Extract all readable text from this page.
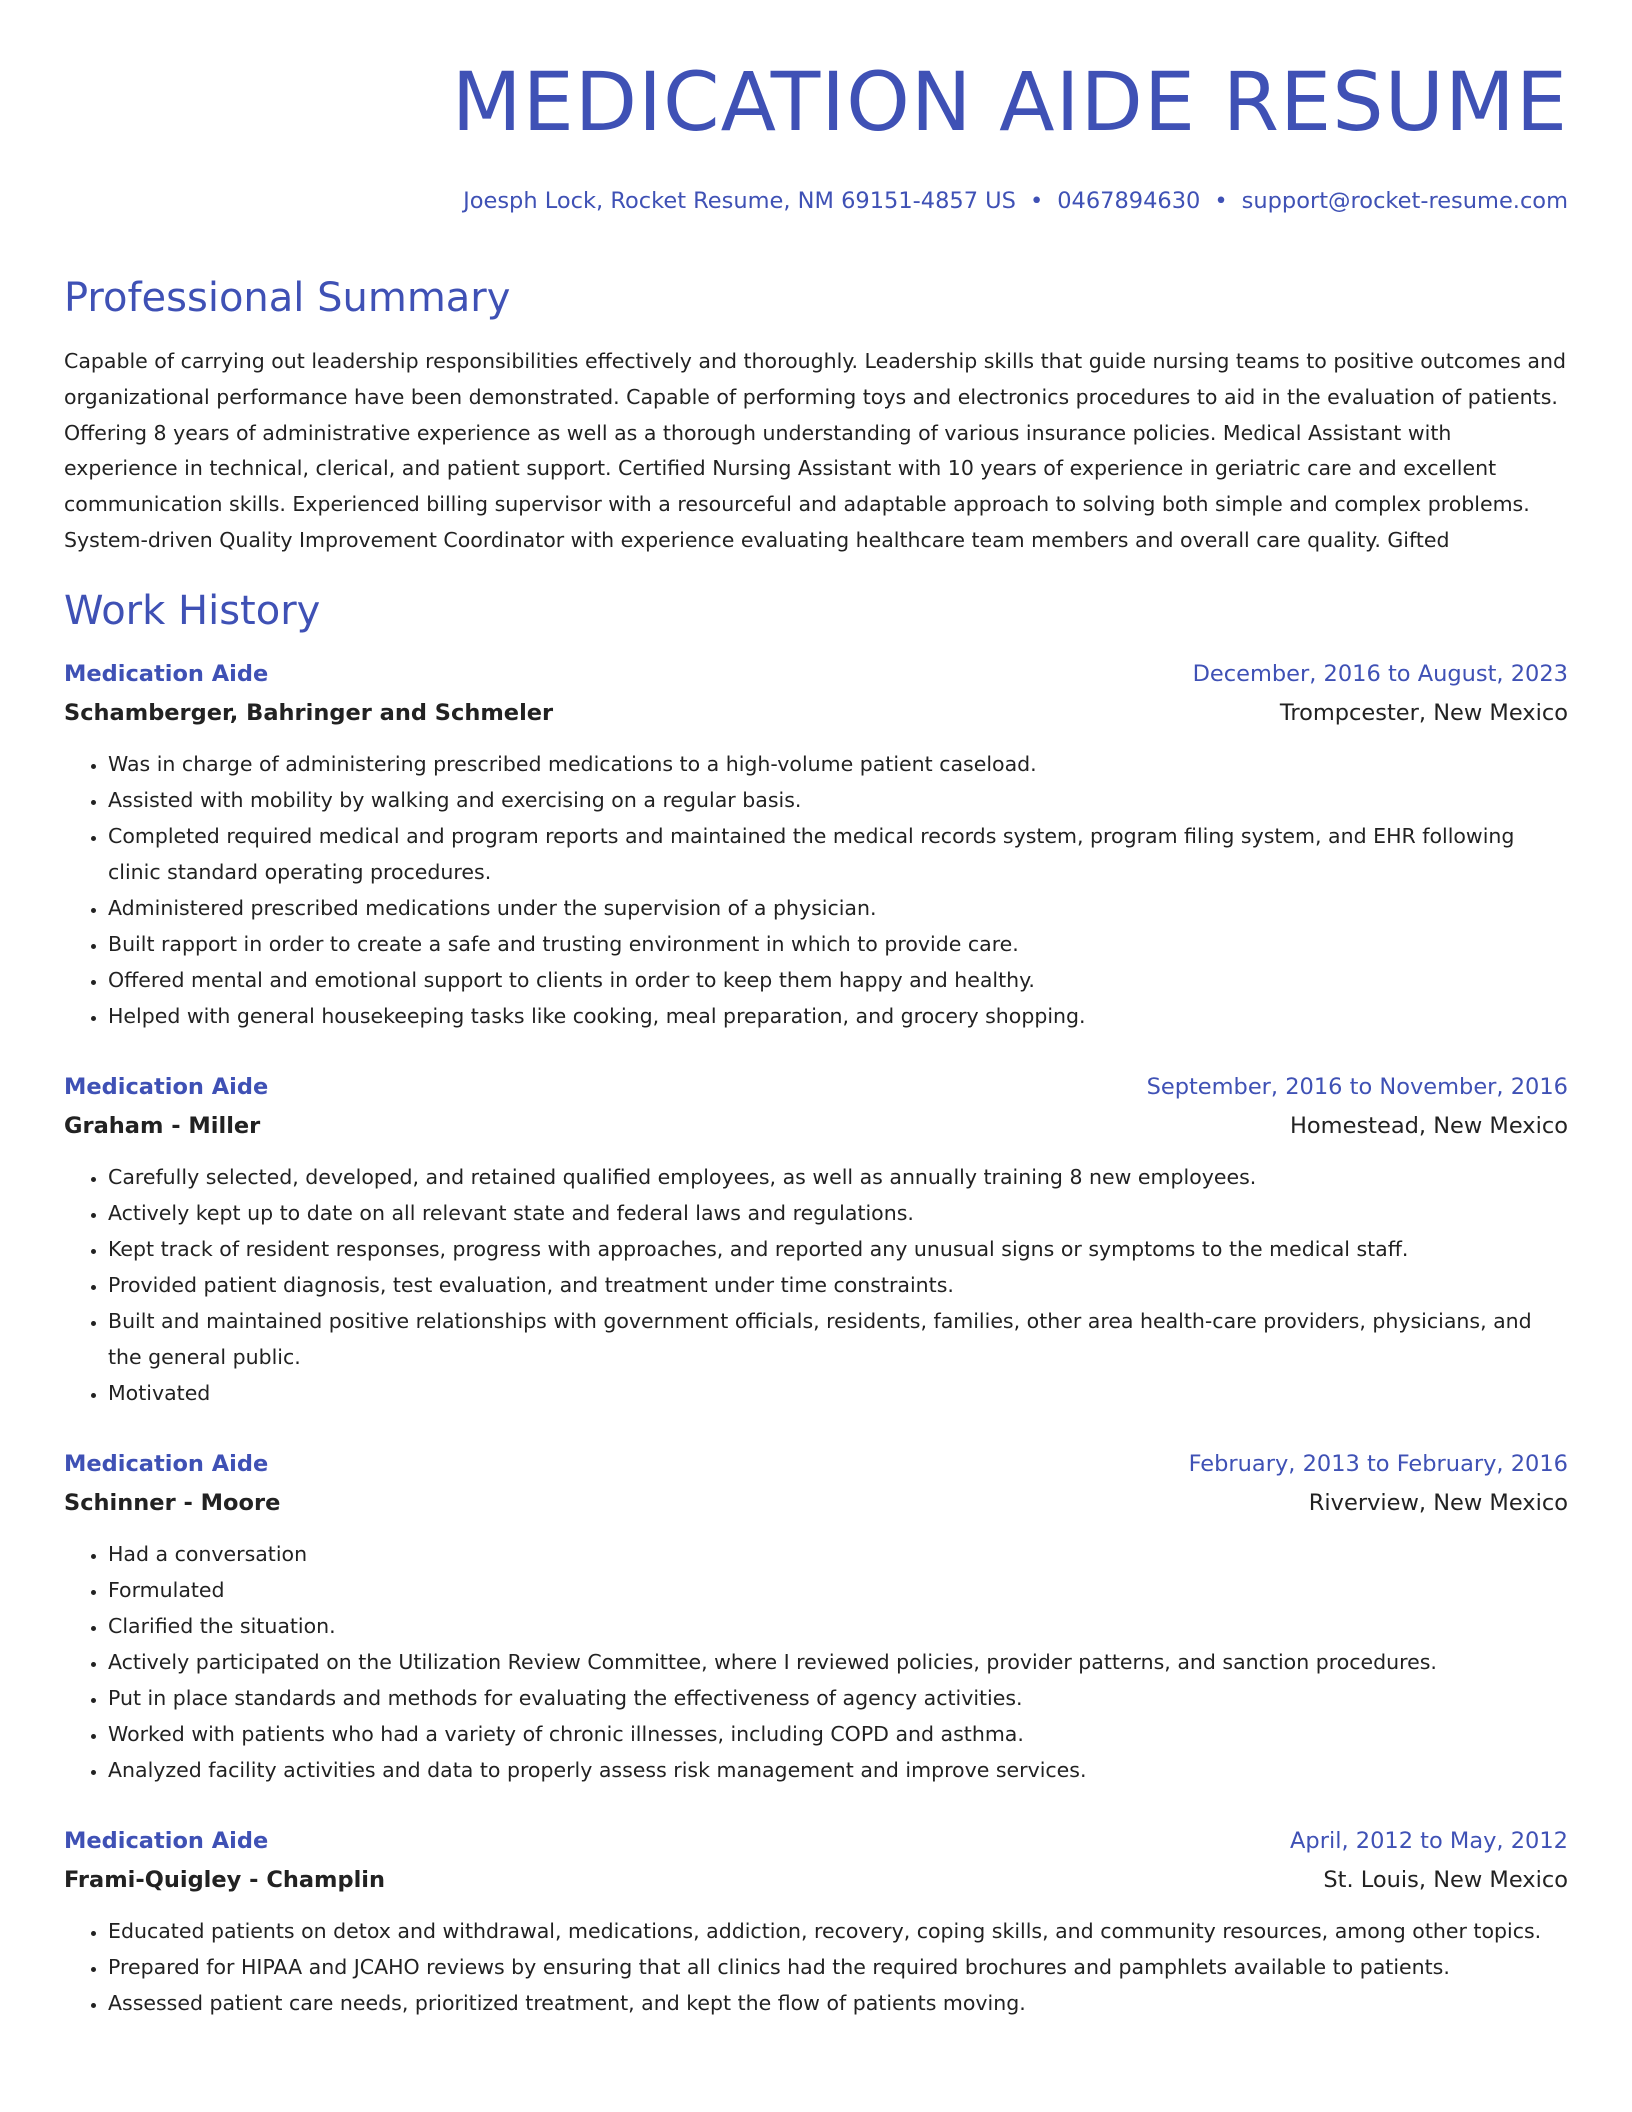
MEDICATION AIDE RESUME
Joesph Lock, Rocket Resume, NM 69151-4857 US • 0467894630 • support@rocket-resume.com
Professional Summary
Capable of carrying out leadership responsibilities effectively and thoroughly. Leadership skills that guide nursing teams to positive outcomes and organizational performance have been demonstrated. Capable of performing toys and electronics procedures to aid in the evaluation of patients. Offering 8 years of administrative experience as well as a thorough understanding of various insurance policies. Medical Assistant with experience in technical, clerical, and patient support. Certified Nursing Assistant with 10 years of experience in geriatric care and excellent communication skills. Experienced billing supervisor with a resourceful and adaptable approach to solving both simple and complex problems. System-driven Quality Improvement Coordinator with experience evaluating healthcare team members and overall care quality. Gifted
Work History
Medication Aide	December, 2016 to August, 2023
Schamberger, Bahringer and Schmeler	Trompcester, New Mexico
• Was in charge of administering prescribed medications to a high-volume patient caseload.
• Assisted with mobility by walking and exercising on a regular basis.
• Completed required medical and program reports and maintained the medical records system, program filing system, and EHR following clinic standard operating procedures.
• Administered prescribed medications under the supervision of a physician.
• Built rapport in order to create a safe and trusting environment in which to provide care.
• Offered mental and emotional support to clients in order to keep them happy and healthy.
• Helped with general housekeeping tasks like cooking, meal preparation, and grocery shopping.
Medication Aide	September, 2016 to November, 2016
Graham - Miller	Homestead, New Mexico
• Carefully selected, developed, and retained qualified employees, as well as annually training 8 new employees.
• Actively kept up to date on all relevant state and federal laws and regulations.
• Kept track of resident responses, progress with approaches, and reported any unusual signs or symptoms to the medical staff.
• Provided patient diagnosis, test evaluation, and treatment under time constraints.
• Built and maintained positive relationships with government officials, residents, families, other area health-care providers, physicians, and the general public.
• Motivated
Medication Aide	February, 2013 to February, 2016
Schinner - Moore	Riverview, New Mexico
• Had a conversation
• Formulated
• Clarified the situation.
• Actively participated on the Utilization Review Committee, where I reviewed policies, provider patterns, and sanction procedures.
• Put in place standards and methods for evaluating the effectiveness of agency activities.
• Worked with patients who had a variety of chronic illnesses, including COPD and asthma.
• Analyzed facility activities and data to properly assess risk management and improve services.
Medication Aide	April, 2012 to May, 2012
Frami-Quigley - Champlin	St. Louis, New Mexico
• Educated patients on detox and withdrawal, medications, addiction, recovery, coping skills, and community resources, among other topics.
• Prepared for HIPAA and JCAHO reviews by ensuring that all clinics had the required brochures and pamphlets available to patients.
• Assessed patient care needs, prioritized treatment, and kept the flow of patients moving.
